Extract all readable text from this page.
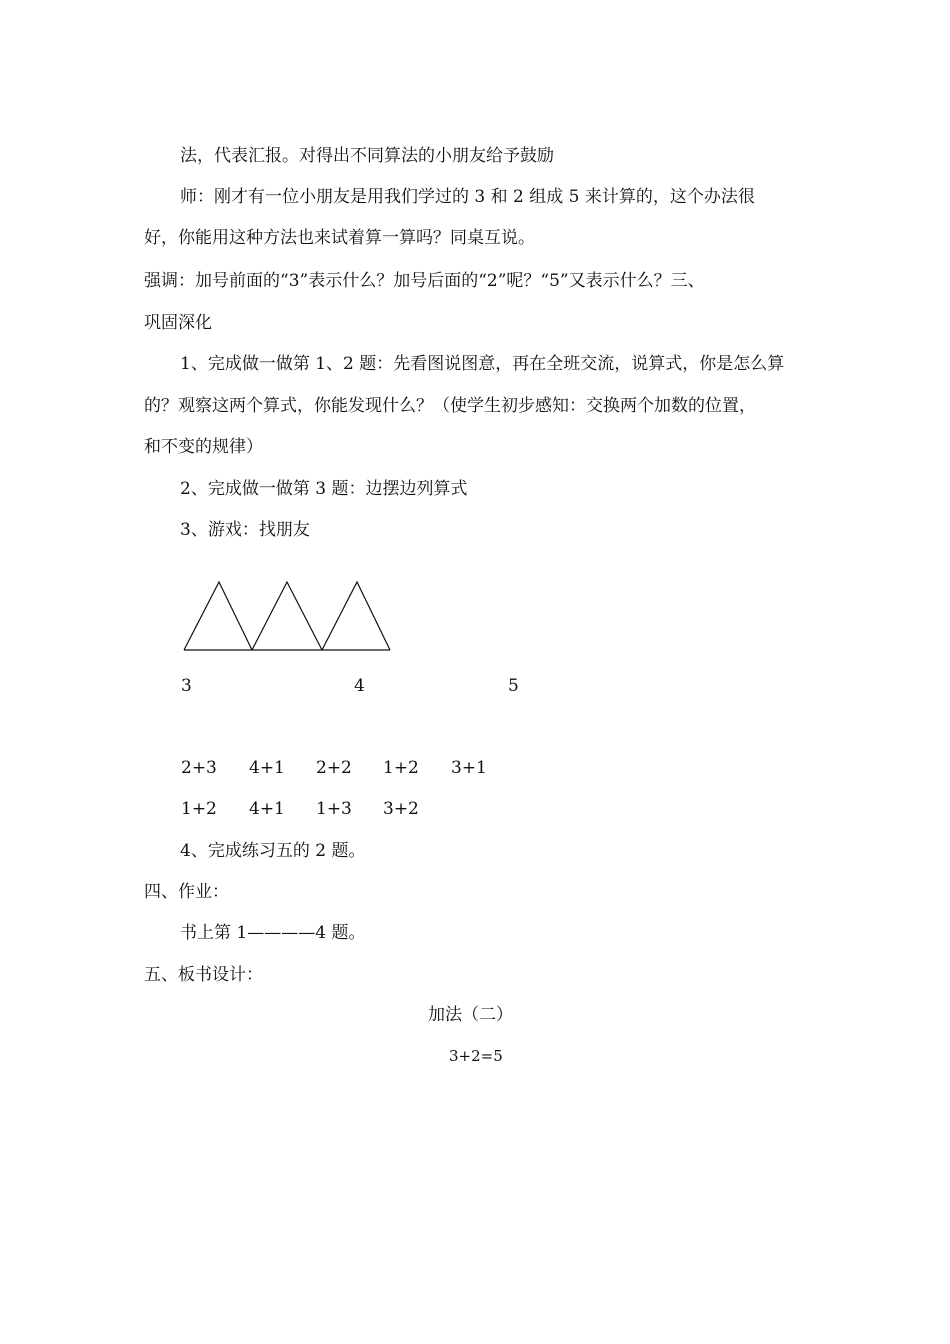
法，代表汇报。对得出不同算法的小朋友给予鼓励
师：刚才有一位小朋友是用我们学过的 3 和 2 组成 5 来计算的，这个办法很
好，你能用这种方法也来试着算一算吗？同桌互说。
强调：加号前面的“3”表示什么？加号后面的“2”呢？“5”又表示什么？三、
巩固深化
1、完成做一做第 1、2 题：先看图说图意，再在全班交流，说算式，你是怎么算
的？观察这两个算式，你能发现什么？（使学生初步感知：交换两个加数的位置，
和不变的规律）
2、完成做一做第 3 题：边摆边列算式
3、游戏：找朋友
3	4	5
2+3 4+1 2+2 1+2 3+1
1+2 4+1 1+3 3+2
4、完成练习五的 2 题。
四、作业：
书上第 1————4 题。
五、板书设计：
加法（二）
3+2=5
